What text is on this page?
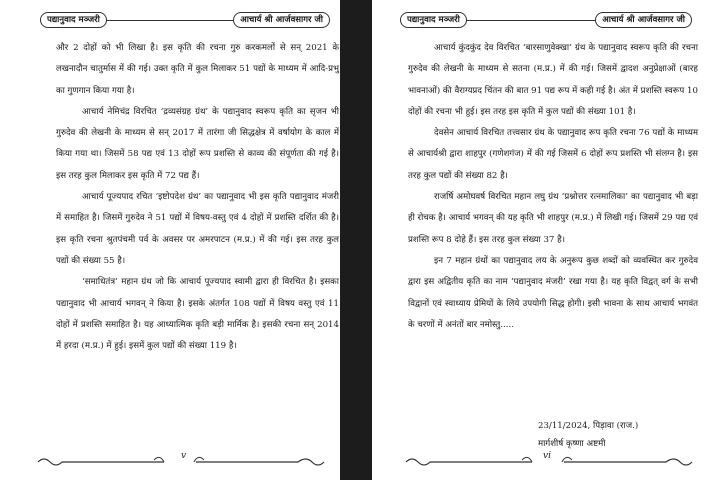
पद्यानुवाद मञ्जरी	आचार्य श्री आर्जवसागर जी

और 2 दोहों को भी लिखा है। इस कृति की रचना गुरु करकमलों से सन् 2021 के लखनादौन चातुर्मास में की गई। उक्त कृति में कुल मिलाकर 51 पद्यों के माध्यम में आदि-प्रभु का गुणगान किया गया है।

आचार्य नेमिचंद्र विरचित ‘द्रव्यसंग्रह ग्रंथ’ के पद्यानुवाद स्वरूप कृति का सृजन भी गुरुदेव की लेखनी के माध्यम से सन् 2017 में तारंगा जी सिद्धक्षेत्र में वर्षायोग के काल में किया गया था। जिसमें 58 पद्य एवं 13 दोहों रूप प्रशस्ति से काव्य की संपूर्णता की गई है। इस तरह कुल मिलाकर इस कृति में 72 पद्य हैं।

आचार्य पूज्यपाद रचित ‘इष्टोपदेश ग्रंथ’ का पद्यानुवाद भी इस कृति पद्यानुवाद मंजरी में समाहित है। जिसमें गुरुदेव ने 51 पद्यों में विषय-वस्तु एवं 4 दोहों में प्रशस्ति दर्शित की है। इस कृति रचना श्रुतपंचमी पर्व के अवसर पर अमरपाटन (म.प्र.) में की गई। इस तरह कुल पद्यों की संख्या 55 है।

‘समाधितंत्र’ महान ग्रंथ जो कि आचार्य पूज्यपाद स्वामी द्वारा ही विरचित है। इसका पद्यानुवाद भी आचार्य भगवन् ने किया है। इसके अंतर्गत 108 पद्यों में विषय वस्तु एवं 11 दोहों में प्रशस्ति समाहित है। यह आध्यात्मिक कृति बड़ी मार्मिक है। इसकी रचना सन् 2014 में हरदा (म.प्र.) में हुई। इसमें कुल पद्यों की संख्या 119 है।

v
पद्यानुवाद मञ्जरी	आचार्य श्री आर्जवसागर जी

आचार्य कुंदकुंद देव विरचित ‘बारसाणुवेक्खा’ ग्रंथ के पद्यानुवाद स्वरूप कृति की रचना गुरुदेव की लेखनी के माध्यम से सतना (म.प्र.) में की गई। जिसमें द्वादश अनुप्रेक्षाओं (बारह भावनाओं) की वैराग्यप्रद चिंतन की बात 91 पद्य रूप में कही गई है। अंत में प्रशस्ति स्वरूप 10 दोहों की रचना भी हुई। इस तरह इस कृति में कुल पद्यों की संख्या 101 है।

देवसेन आचार्य विरचित तत्त्वसार ग्रंथ के पद्यानुवाद रूप कृति रचना 76 पद्यों के माध्यम से आचार्यश्री द्वारा शाहपुर (गणेशगंज) में की गई जिसमें 6 दोहों रूप प्रशस्ति भी संलग्न है। इस तरह कुल पद्यों की संख्या 82 है।

राजर्षि अमोघवर्ष विरचित महान लघु ग्रंथ ‘प्रश्नोत्तर रत्नमालिका’ का पद्यानुवाद भी बड़ा ही रोचक है। आचार्य भगवन् की यह कृति भी शाहपुर (म.प्र.) में लिखी गई। जिसमें 29 पद्य एवं प्रशस्ति रूप 8 दोहे हैं। इस तरह कुल संख्या 37 है।

इन 7 महान ग्रंथों का पद्यानुवाद लय के अनुरूप कुछ शब्दों को व्यवस्थित कर गुरुदेव द्वारा इस अद्वितीय कृति का नाम ‘पद्यानुवाद मंजरी’ रखा गया है। यह कृति विद्वत् वर्ग के सभी विद्वानों एवं स्वाध्याय प्रेमियों के लिये उपयोगी सिद्ध होगी। इसी भावना के साथ आचार्य भगवंत के चरणों में अनंतों बार नमोस्तु.....

23/11/2024, पिड़ावा (राज.)
मार्गशीर्ष कृष्णा अष्टमी
vi
